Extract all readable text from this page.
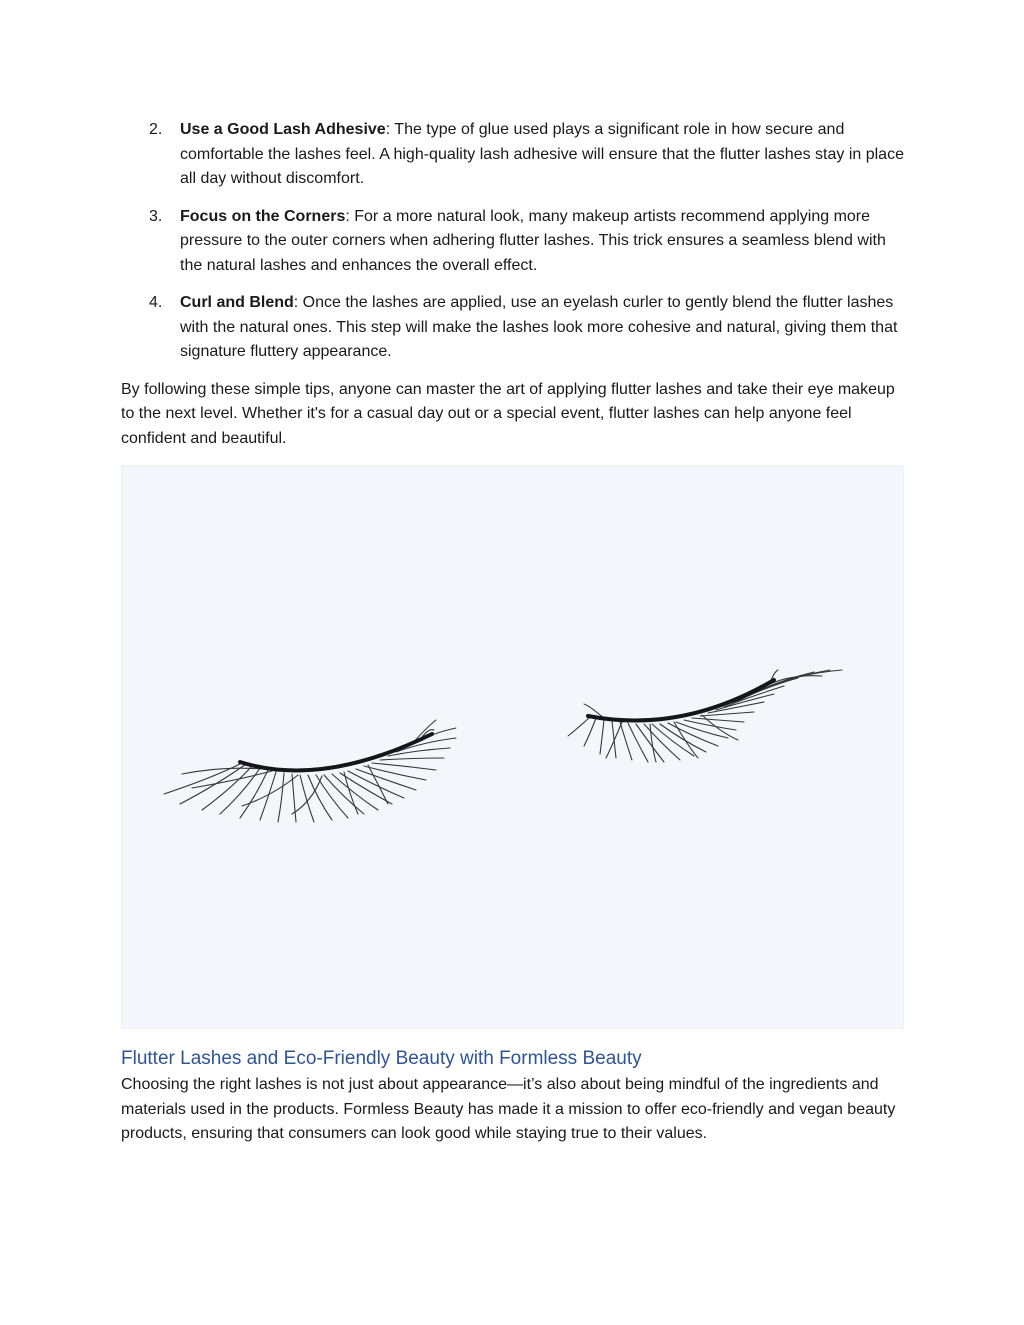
2. Use a Good Lash Adhesive: The type of glue used plays a significant role in how secure and comfortable the lashes feel. A high-quality lash adhesive will ensure that the flutter lashes stay in place all day without discomfort.
3. Focus on the Corners: For a more natural look, many makeup artists recommend applying more pressure to the outer corners when adhering flutter lashes. This trick ensures a seamless blend with the natural lashes and enhances the overall effect.
4. Curl and Blend: Once the lashes are applied, use an eyelash curler to gently blend the flutter lashes with the natural ones. This step will make the lashes look more cohesive and natural, giving them that signature fluttery appearance.

By following these simple tips, anyone can master the art of applying flutter lashes and take their eye makeup to the next level. Whether it's for a casual day out or a special event, flutter lashes can help anyone feel confident and beautiful.

Flutter Lashes and Eco-Friendly Beauty with Formless Beauty

Choosing the right lashes is not just about appearance—it’s also about being mindful of the ingredients and materials used in the products. Formless Beauty has made it a mission to offer eco-friendly and vegan beauty products, ensuring that consumers can look good while staying true to their values.
